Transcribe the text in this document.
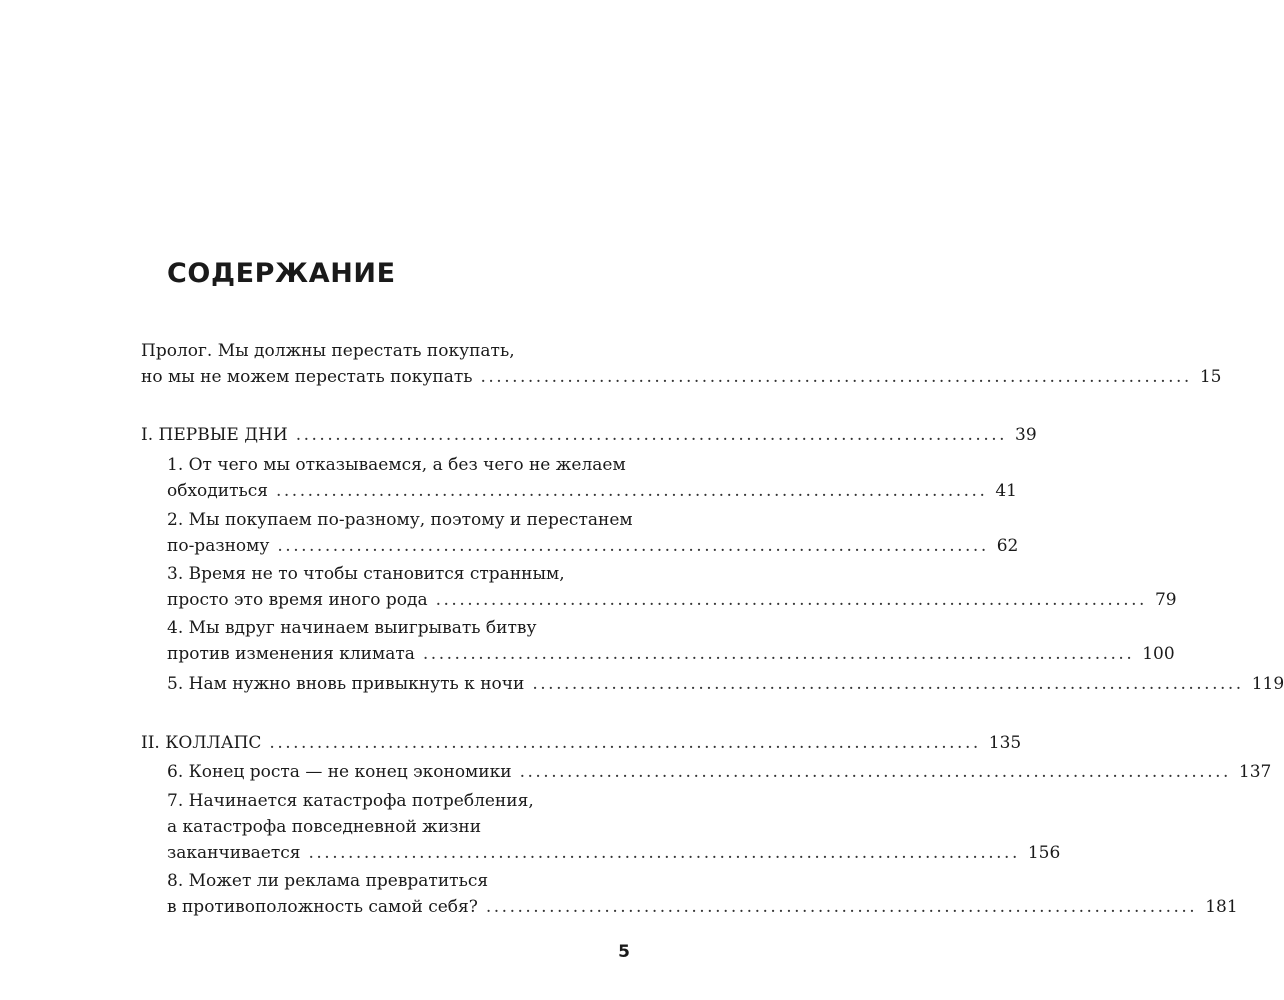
СОДЕРЖАНИЕ
Пролог. Мы должны перестать покупать,
но мы не можем перестать покупать .......................................................................................... 15
I. ПЕРВЫЕ ДНИ .......................................................................................... 39
1. От чего мы отказываемся, а без чего не желаем
обходиться .......................................................................................... 41
2. Мы покупаем по-разному, поэтому и перестанем
по-разному .......................................................................................... 62
3. Время не то чтобы становится странным,
просто это время иного рода .......................................................................................... 79
4. Мы вдруг начинаем выигрывать битву
против изменения климата .......................................................................................... 100
5. Нам нужно вновь привыкнуть к ночи .......................................................................................... 119
II. КОЛЛАПС .......................................................................................... 135
6. Конец роста — не конец экономики .......................................................................................... 137
7. Начинается катастрофа потребления,
а катастрофа повседневной жизни
заканчивается .......................................................................................... 156
8. Может ли реклама превратиться
в противоположность самой себя? .......................................................................................... 181
5
